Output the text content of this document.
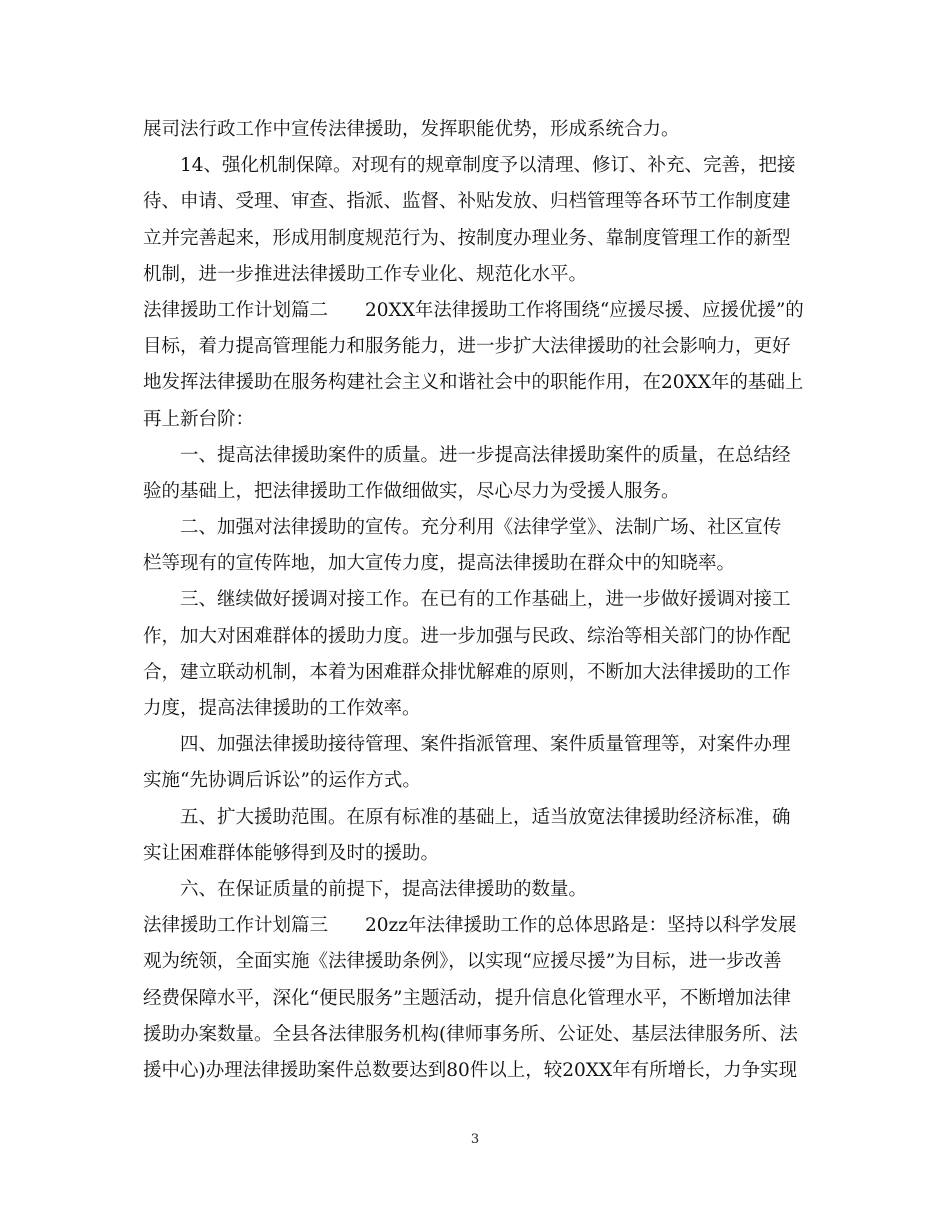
展司法行政工作中宣传法律援助，发挥职能优势，形成系统合力。
14、强化机制保障。对现有的规章制度予以清理、修订、补充、完善，把接
待、申请、受理、审查、指派、监督、补贴发放、归档管理等各环节工作制度建
立并完善起来，形成用制度规范行为、按制度办理业务、靠制度管理工作的新型
机制，进一步推进法律援助工作专业化、规范化水平。
法律援助工作计划篇二　　20XX年法律援助工作将围绕“应援尽援、应援优援”的
目标，着力提高管理能力和服务能力，进一步扩大法律援助的社会影响力，更好
地发挥法律援助在服务构建社会主义和谐社会中的职能作用，在20XX年的基础上
再上新台阶：
一、提高法律援助案件的质量。进一步提高法律援助案件的质量，在总结经
验的基础上，把法律援助工作做细做实，尽心尽力为受援人服务。
二、加强对法律援助的宣传。充分利用《法律学堂》、法制广场、社区宣传
栏等现有的宣传阵地，加大宣传力度，提高法律援助在群众中的知晓率。
三、继续做好援调对接工作。在已有的工作基础上，进一步做好援调对接工
作，加大对困难群体的援助力度。进一步加强与民政、综治等相关部门的协作配
合，建立联动机制，本着为困难群众排忧解难的原则，不断加大法律援助的工作
力度，提高法律援助的工作效率。
四、加强法律援助接待管理、案件指派管理、案件质量管理等，对案件办理
实施“先协调后诉讼”的运作方式。
五、扩大援助范围。在原有标准的基础上，适当放宽法律援助经济标准，确
实让困难群体能够得到及时的援助。
六、在保证质量的前提下，提高法律援助的数量。
法律援助工作计划篇三　　20zz年法律援助工作的总体思路是：坚持以科学发展
观为统领，全面实施《法律援助条例》，以实现“应援尽援”为目标，进一步改善
经费保障水平，深化“便民服务”主题活动，提升信息化管理水平，不断增加法律
援助办案数量。全县各法律服务机构(律师事务所、公证处、基层法律服务所、法
援中心)办理法律援助案件总数要达到80件以上，较20XX年有所增长，力争实现
3
